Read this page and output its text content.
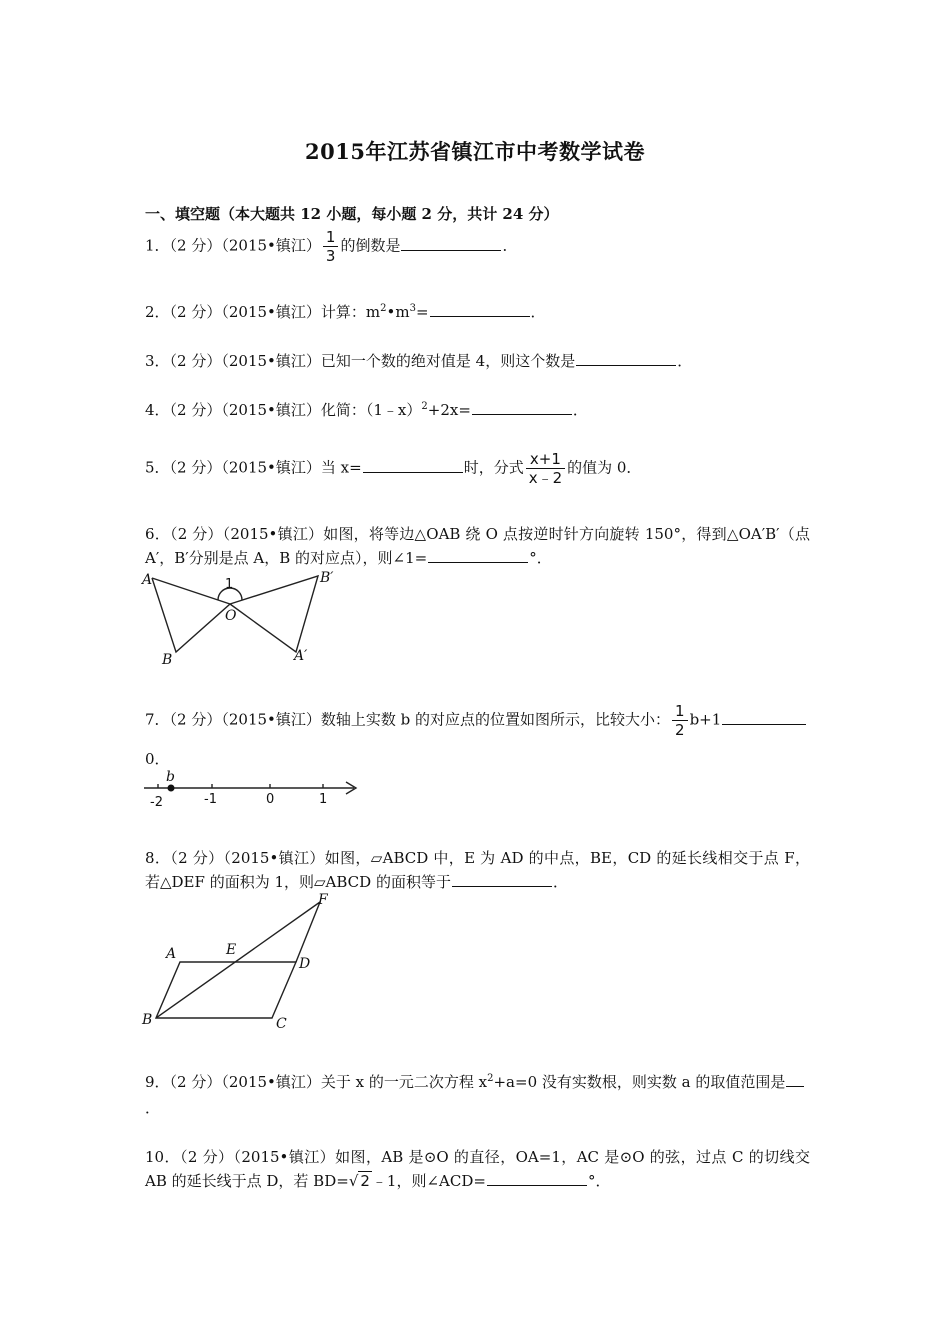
2015年江苏省镇江市中考数学试卷
一、填空题（本大题共 12 小题，每小题 2 分，共计 24 分）
1．（2 分）（2015•镇江） $\frac{1}{3}$ 的倒数是	．
2．（2 分）（2015•镇江）计算：$m^2•m^3=$	．
3．（2 分）（2015•镇江）已知一个数的绝对值是 4，则这个数是	．
4．（2 分）（2015•镇江）化简：（1﹣x）$^2$+2x=	．
5．（2 分）（2015•镇江）当 x=	时，分式 $\frac{x+1}{x﹣2}$ 的值为 0．
6．（2 分）（2015•镇江）如图，将等边△OAB 绕 O 点按逆时针方向旋转 150°，得到△OA′B′（点 A′，B′分别是点 A，B 的对应点），则∠1=	°．
A
B
O
A′
B′
1
7．（2 分）（2015•镇江）数轴上实数 b 的对应点的位置如图所示，比较大小： $\frac{1}{2} b+1$
0．
b
-2	-1	0	1
8．（2 分）（2015•镇江）如图，▱ABCD 中，E 为 AD 的中点，BE，CD 的延长线相交于点 F，若△DEF 的面积为 1，则▱ABCD 的面积等于	．
A	E
D
F
B	C
9．（2 分）（2015•镇江）关于 x 的一元二次方程 $x^2+a=0$ 没有实数根，则实数 a 的取值范围是
．
10．（2 分）（2015•镇江）如图，AB 是⊙O 的直径，OA=1，AC 是⊙O 的弦，过点 C 的切线交 AB 的延长线于点 D，若 BD=√ 2 ﹣1，则∠ACD=	°．
